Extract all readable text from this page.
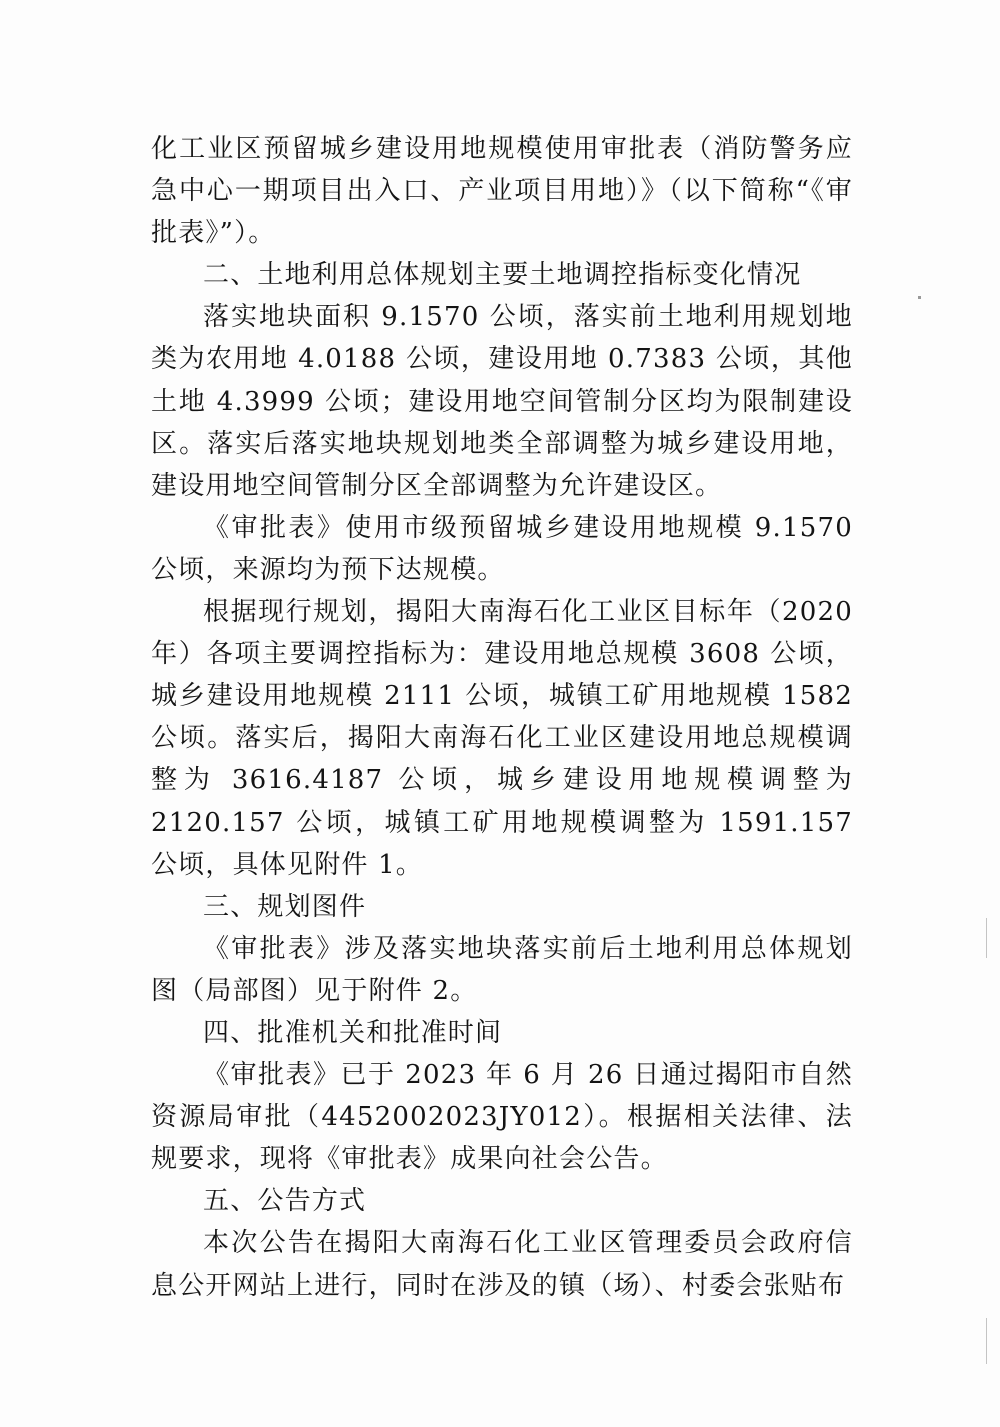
化工业区预留城乡建设用地规模使用审批表（消防警务应急中心一期项目出入口、产业项目用地）》（以下简称“《审批表》”）。

二、土地利用总体规划主要土地调控指标变化情况

落实地块面积 9.1570 公顷，落实前土地利用规划地类为农用地 4.0188 公顷，建设用地 0.7383 公顷，其他土地 4.3999 公顷；建设用地空间管制分区均为限制建设区。落实后落实地块规划地类全部调整为城乡建设用地，建设用地空间管制分区全部调整为允许建设区。

《审批表》使用市级预留城乡建设用地规模 9.1570 公顷，来源均为预下达规模。

根据现行规划，揭阳大南海石化工业区目标年（2020 年）各项主要调控指标为：建设用地总规模 3608 公顷，城乡建设用地规模 2111 公顷，城镇工矿用地规模 1582 公顷。落实后，揭阳大南海石化工业区建设用地总规模调整为 3616.4187 公顷，城乡建设用地规模调整为 2120.157 公顷，城镇工矿用地规模调整为 1591.157 公顷，具体见附件 1。

三、规划图件

《审批表》涉及落实地块落实前后土地利用总体规划图（局部图）见于附件 2。

四、批准机关和批准时间

《审批表》已于 2023 年 6 月 26 日通过揭阳市自然资源局审批（4452002023JY012）。根据相关法律、法规要求，现将《审批表》成果向社会公告。

五、公告方式

本次公告在揭阳大南海石化工业区管理委员会政府信息公开网站上进行，同时在涉及的镇（场）、村委会张贴布
